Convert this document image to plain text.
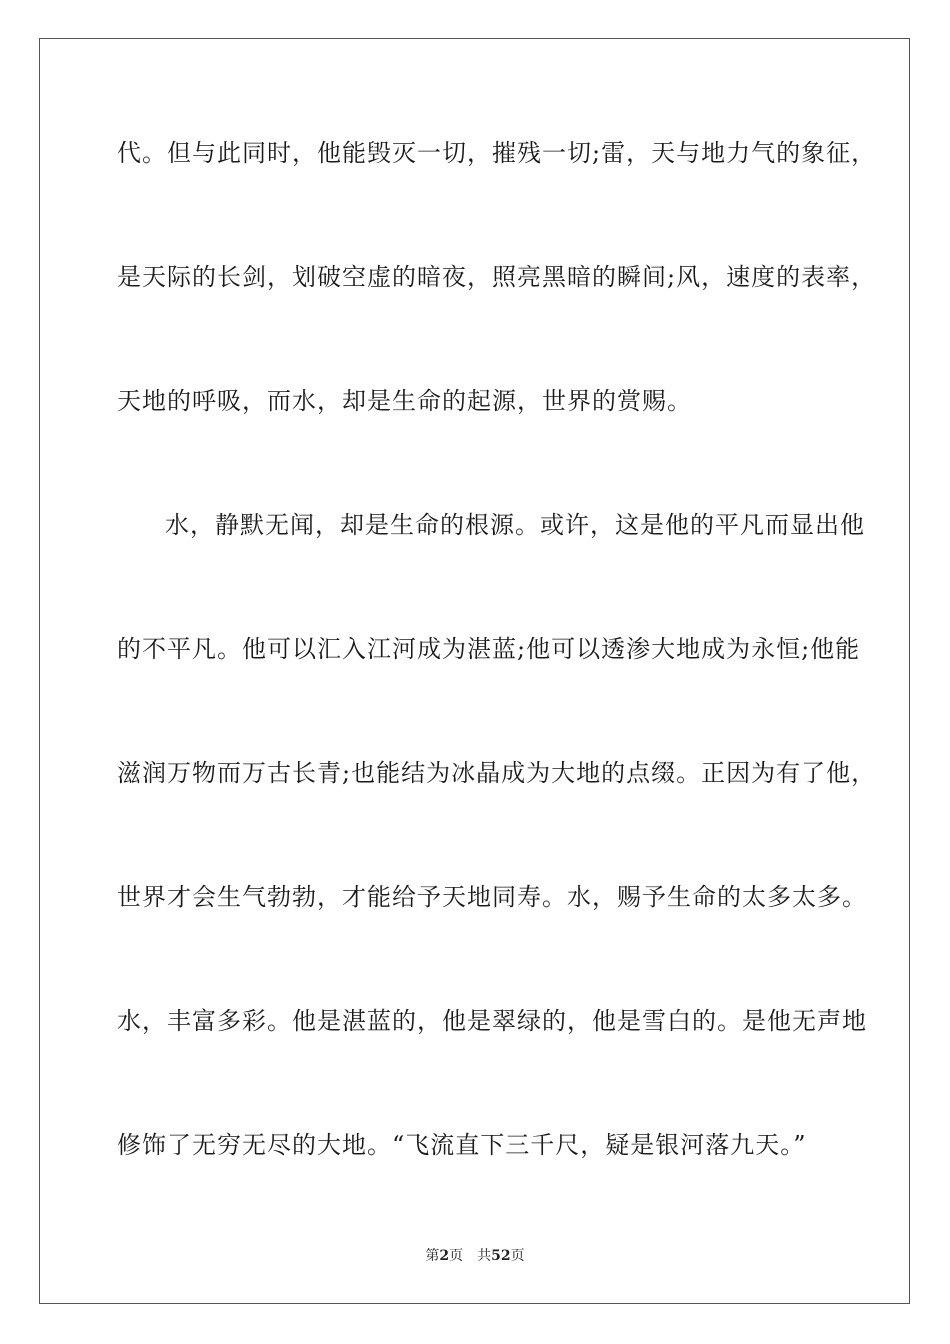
代。但与此同时，他能毁灭一切，摧残一切;雷，天与地力气的象征，
是天际的长剑，划破空虚的暗夜，照亮黑暗的瞬间;风，速度的表率，
天地的呼吸，而水，却是生命的起源，世界的赏赐。
水，静默无闻，却是生命的根源。或许，这是他的平凡而显出他
的不平凡。他可以汇入江河成为湛蓝;他可以透渗大地成为永恒;他能
滋润万物而万古长青;也能结为冰晶成为大地的点缀。正因为有了他，
世界才会生气勃勃，才能给予天地同寿。水，赐予生命的太多太多。
水，丰富多彩。他是湛蓝的，他是翠绿的，他是雪白的。是他无声地
修饰了无穷无尽的大地。“飞流直下三千尺，疑是银河落九天。”
第2页 共52页
